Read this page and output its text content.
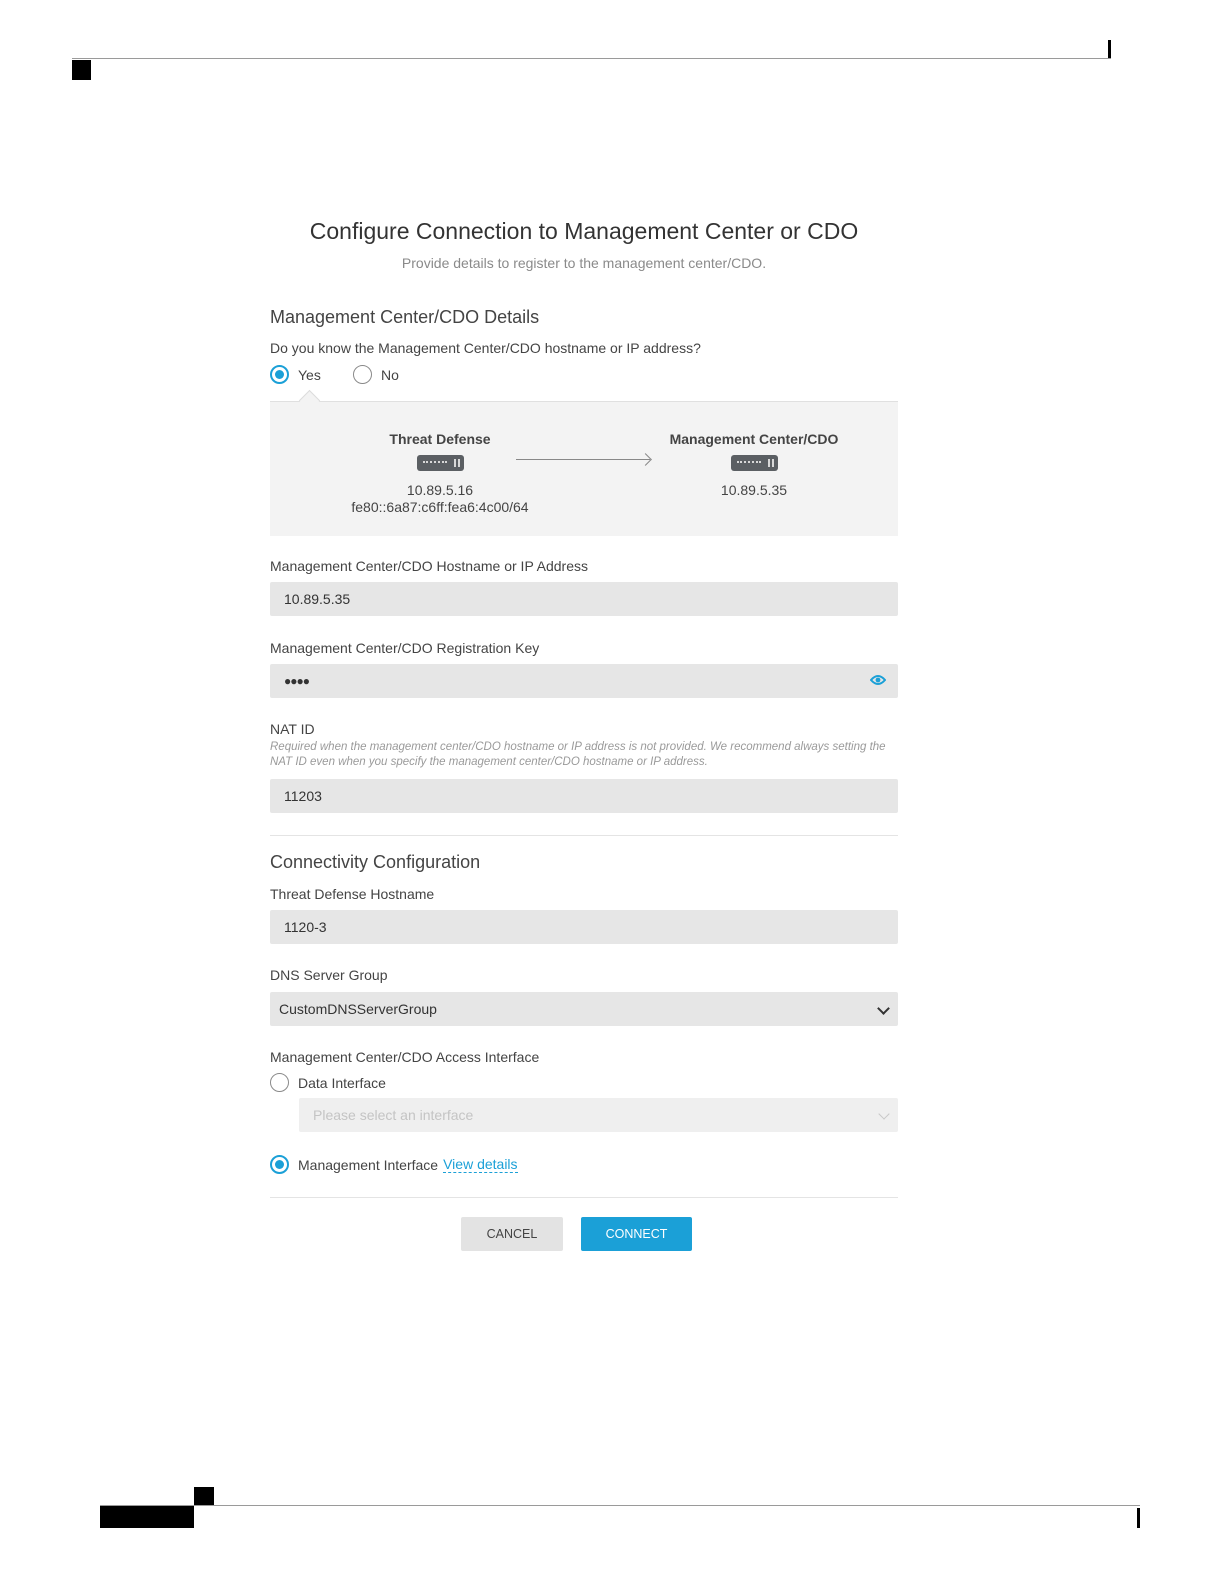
Configure Connection to Management Center or CDO
Provide details to register to the management center/CDO.
Management Center/CDO Details
Do you know the Management Center/CDO hostname or IP address?
Yes	No
Threat Defense
10.89.5.16
fe80::6a87:c6ff:fea6:4c00/64
Management Center/CDO
10.89.5.35
Management Center/CDO Hostname or IP Address
10.89.5.35
Management Center/CDO Registration Key
●●●●
NAT ID
Required when the management center/CDO hostname or IP address is not provided. We recommend always setting the NAT ID even when you specify the management center/CDO hostname or IP address.
11203
Connectivity Configuration
Threat Defense Hostname
1120-3
DNS Server Group
CustomDNSServerGroup
Management Center/CDO Access Interface
Data Interface
Please select an interface
Management Interface View details
CANCEL	CONNECT
